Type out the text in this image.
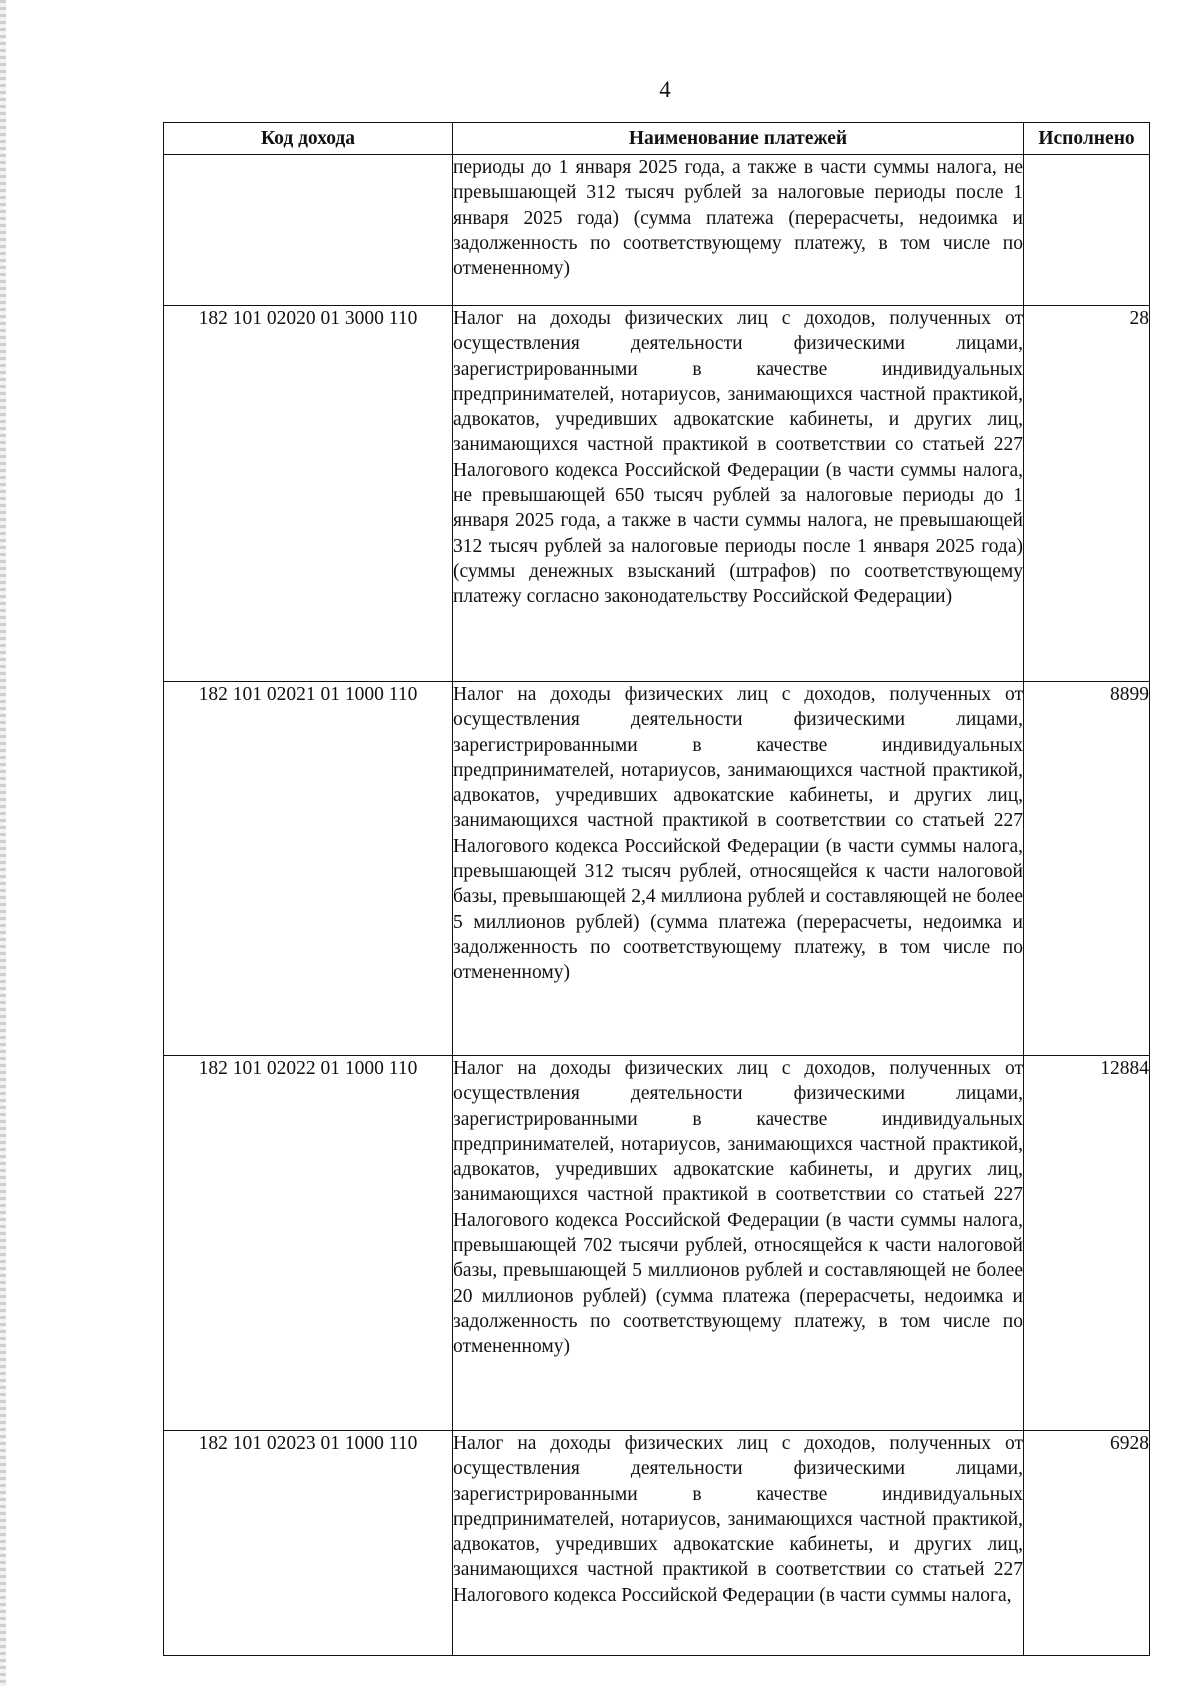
4
Код дохода	Наименование платежей	Исполнено
	периоды до 1 января 2025 года, а также в части суммы налога, не превышающей 312 тысяч рублей за налоговые периоды после 1 января 2025 года) (сумма платежа (перерасчеты, недоимка и задолженность по соответствующему платежу, в том числе по отмененному)	
182 101 02020 01 3000 110	Налог на доходы физических лиц с доходов, полученных от осуществления деятельности физическими лицами, зарегистрированными в качестве индивидуальных предпринимателей, нотариусов, занимающихся частной практикой, адвокатов, учредивших адвокатские кабинеты, и других лиц, занимающихся частной практикой в соответствии со статьей 227 Налогового кодекса Российской Федерации (в части суммы налога, не превышающей 650 тысяч рублей за налоговые периоды до 1 января 2025 года, а также в части суммы налога, не превышающей 312 тысяч рублей за налоговые периоды после 1 января 2025 года) (суммы денежных взысканий (штрафов) по соответствующему платежу согласно законодательству Российской Федерации)	28
182 101 02021 01 1000 110	Налог на доходы физических лиц с доходов, полученных от осуществления деятельности физическими лицами, зарегистрированными в качестве индивидуальных предпринимателей, нотариусов, занимающихся частной практикой, адвокатов, учредивших адвокатские кабинеты, и других лиц, занимающихся частной практикой в соответствии со статьей 227 Налогового кодекса Российской Федерации (в части суммы налога, превышающей 312 тысяч рублей, относящейся к части налоговой базы, превышающей 2,4 миллиона рублей и составляющей не более 5 миллионов рублей) (сумма платежа (перерасчеты, недоимка и задолженность по соответствующему платежу, в том числе по отмененному)	8899
182 101 02022 01 1000 110	Налог на доходы физических лиц с доходов, полученных от осуществления деятельности физическими лицами, зарегистрированными в качестве индивидуальных предпринимателей, нотариусов, занимающихся частной практикой, адвокатов, учредивших адвокатские кабинеты, и других лиц, занимающихся частной практикой в соответствии со статьей 227 Налогового кодекса Российской Федерации (в части суммы налога, превышающей 702 тысячи рублей, относящейся к части налоговой базы, превышающей 5 миллионов рублей и составляющей не более 20 миллионов рублей) (сумма платежа (перерасчеты, недоимка и задолженность по соответствующему платежу, в том числе по отмененному)	12884
182 101 02023 01 1000 110	Налог на доходы физических лиц с доходов, полученных от осуществления деятельности физическими лицами, зарегистрированными в качестве индивидуальных предпринимателей, нотариусов, занимающихся частной практикой, адвокатов, учредивших адвокатские кабинеты, и других лиц, занимающихся частной практикой в соответствии со статьей 227 Налогового кодекса Российской Федерации (в части суммы налога,	6928
